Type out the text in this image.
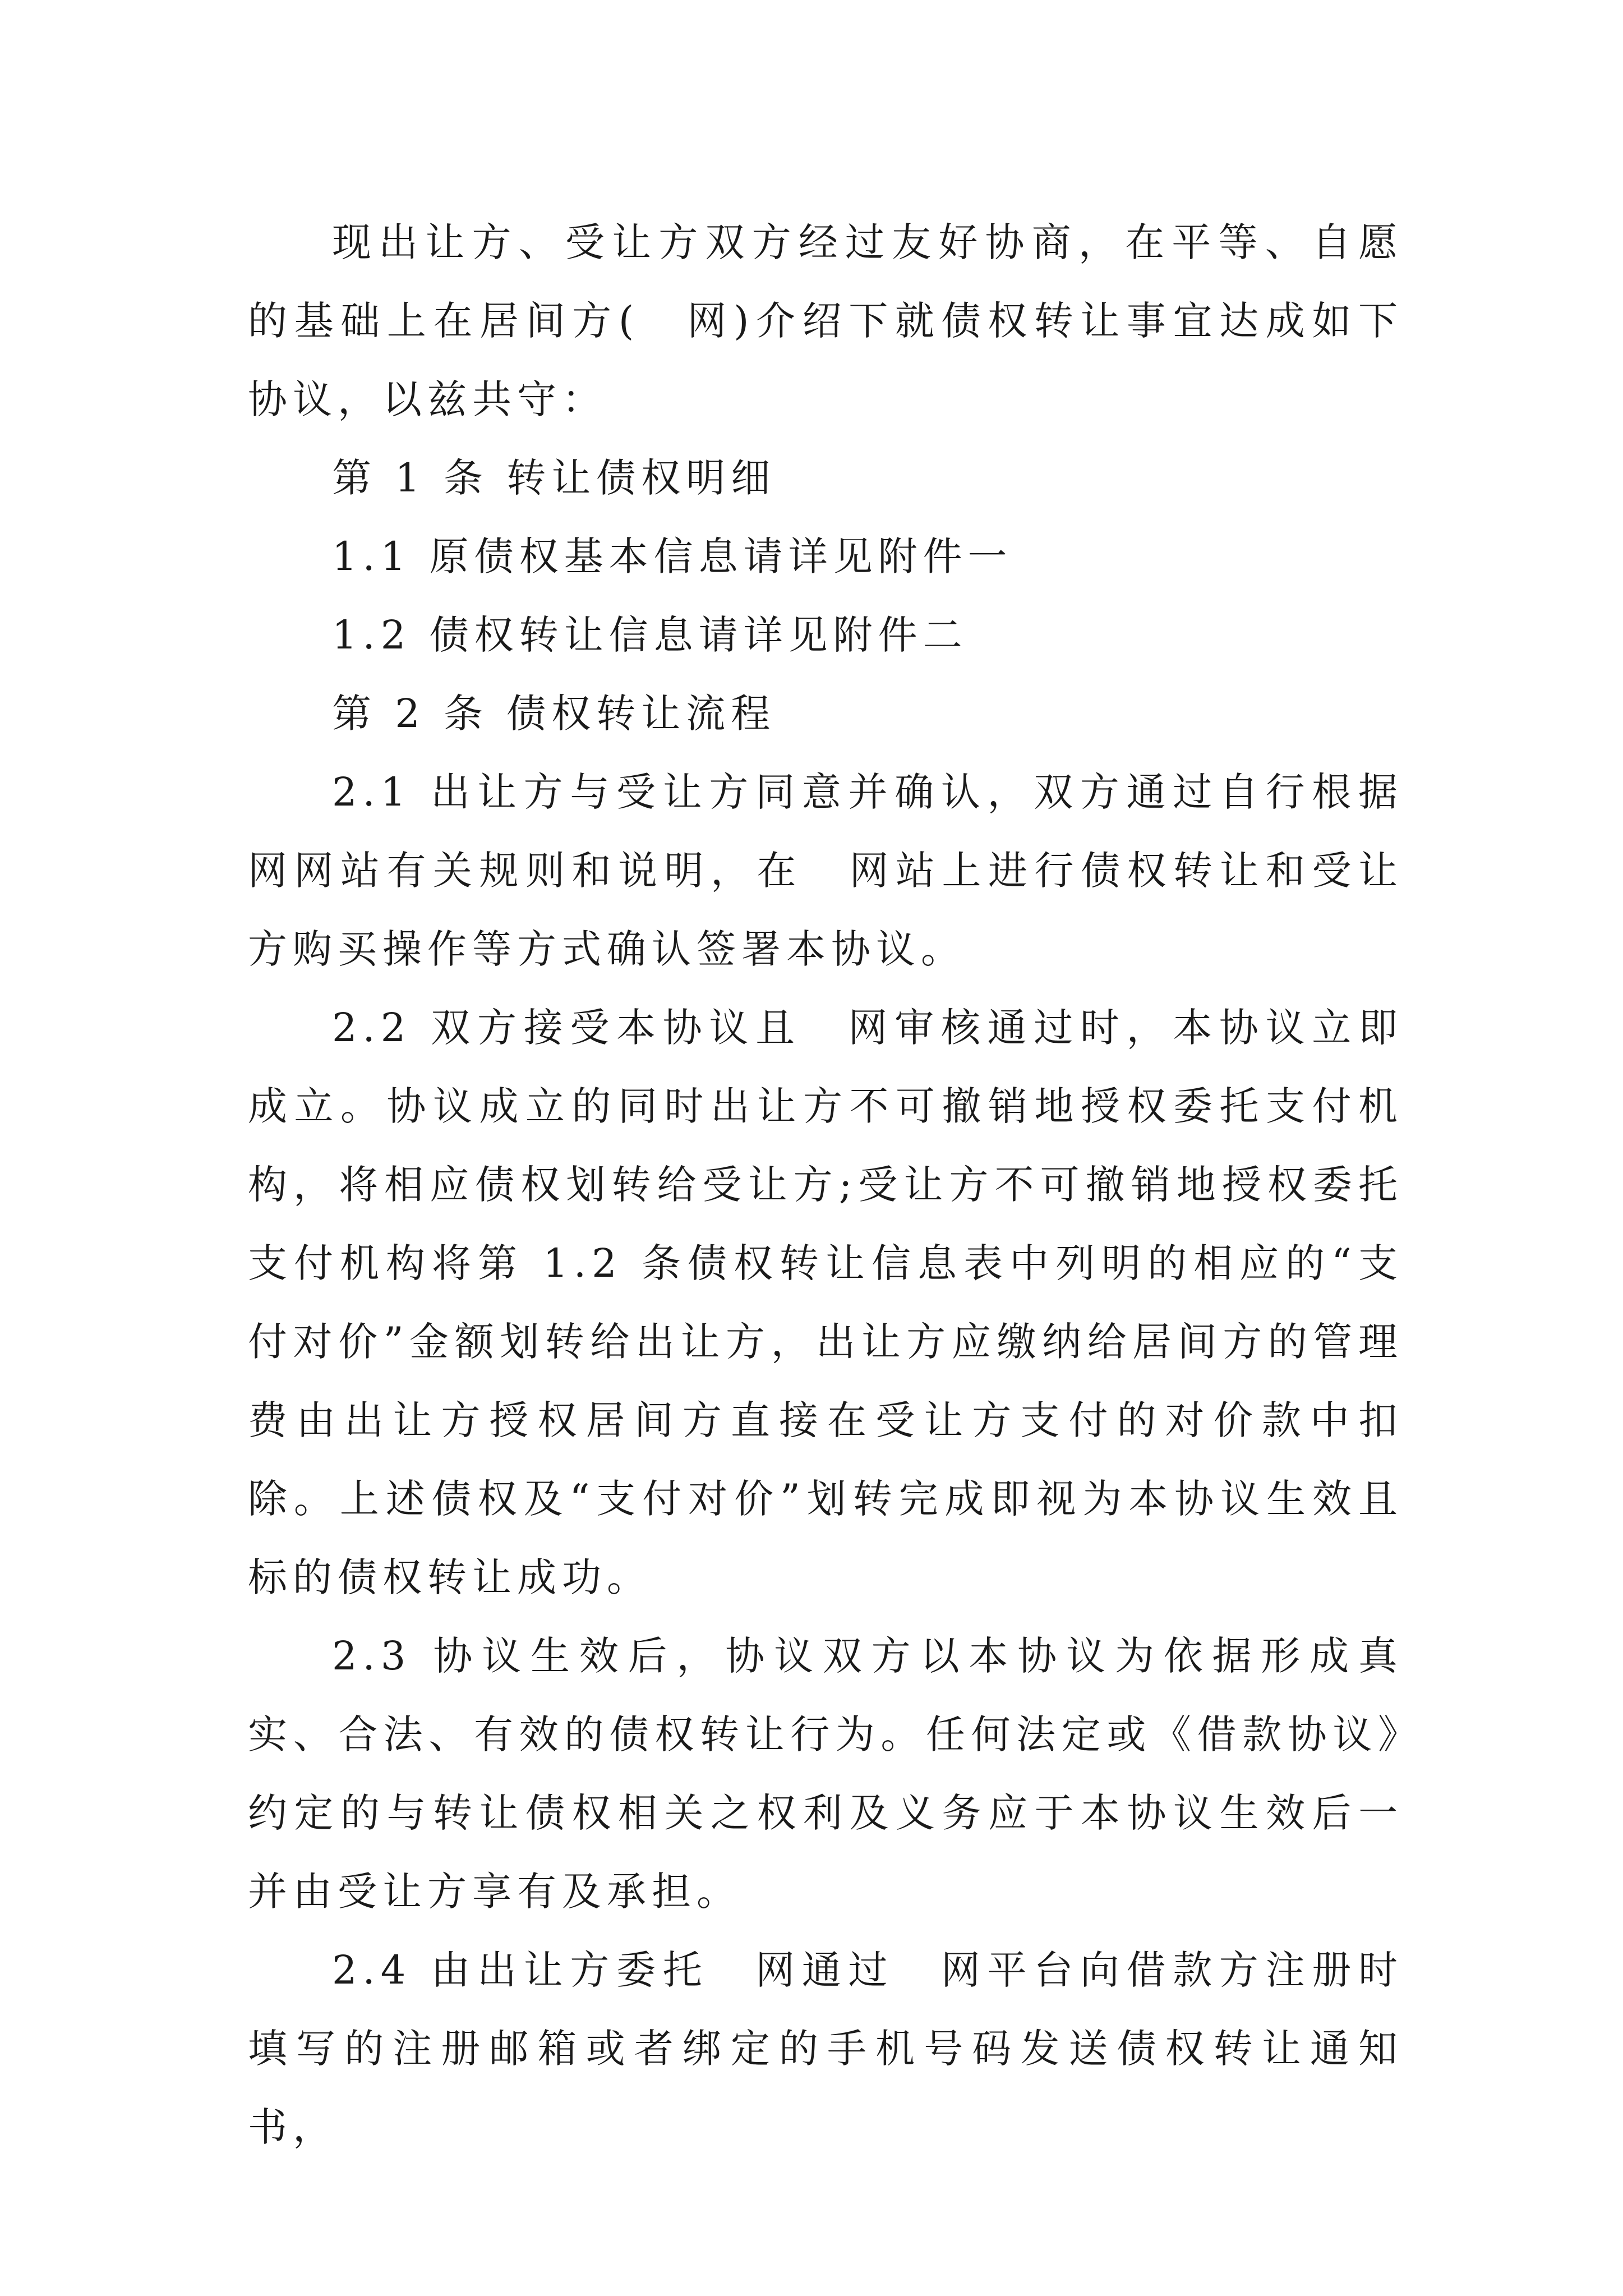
现出让方、受让方双方经过友好协商，在平等、自愿的基础上在居间方(　网)介绍下就债权转让事宜达成如下协议，以兹共守：

第 1 条 转让债权明细

1.1 原债权基本信息请详见附件一

1.2 债权转让信息请详见附件二

第 2 条 债权转让流程

2.1 出让方与受让方同意并确认，双方通过自行根据　网网站有关规则和说明，在　网站上进行债权转让和受让方购买操作等方式确认签署本协议。

2.2 双方接受本协议且　网审核通过时，本协议立即成立。协议成立的同时出让方不可撤销地授权委托支付机构，将相应债权划转给受让方;受让方不可撤销地授权委托支付机构将第 1.2 条债权转让信息表中列明的相应的“支付对价”金额划转给出让方，出让方应缴纳给居间方的管理费由出让方授权居间方直接在受让方支付的对价款中扣除。上述债权及“支付对价”划转完成即视为本协议生效且标的债权转让成功。

2.3 协议生效后，协议双方以本协议为依据形成真实、合法、有效的债权转让行为。任何法定或《借款协议》约定的与转让债权相关之权利及义务应于本协议生效后一并由受让方享有及承担。

2.4 由出让方委托　网通过　网平台向借款方注册时填写的注册邮箱或者绑定的手机号码发送债权转让通知书，
